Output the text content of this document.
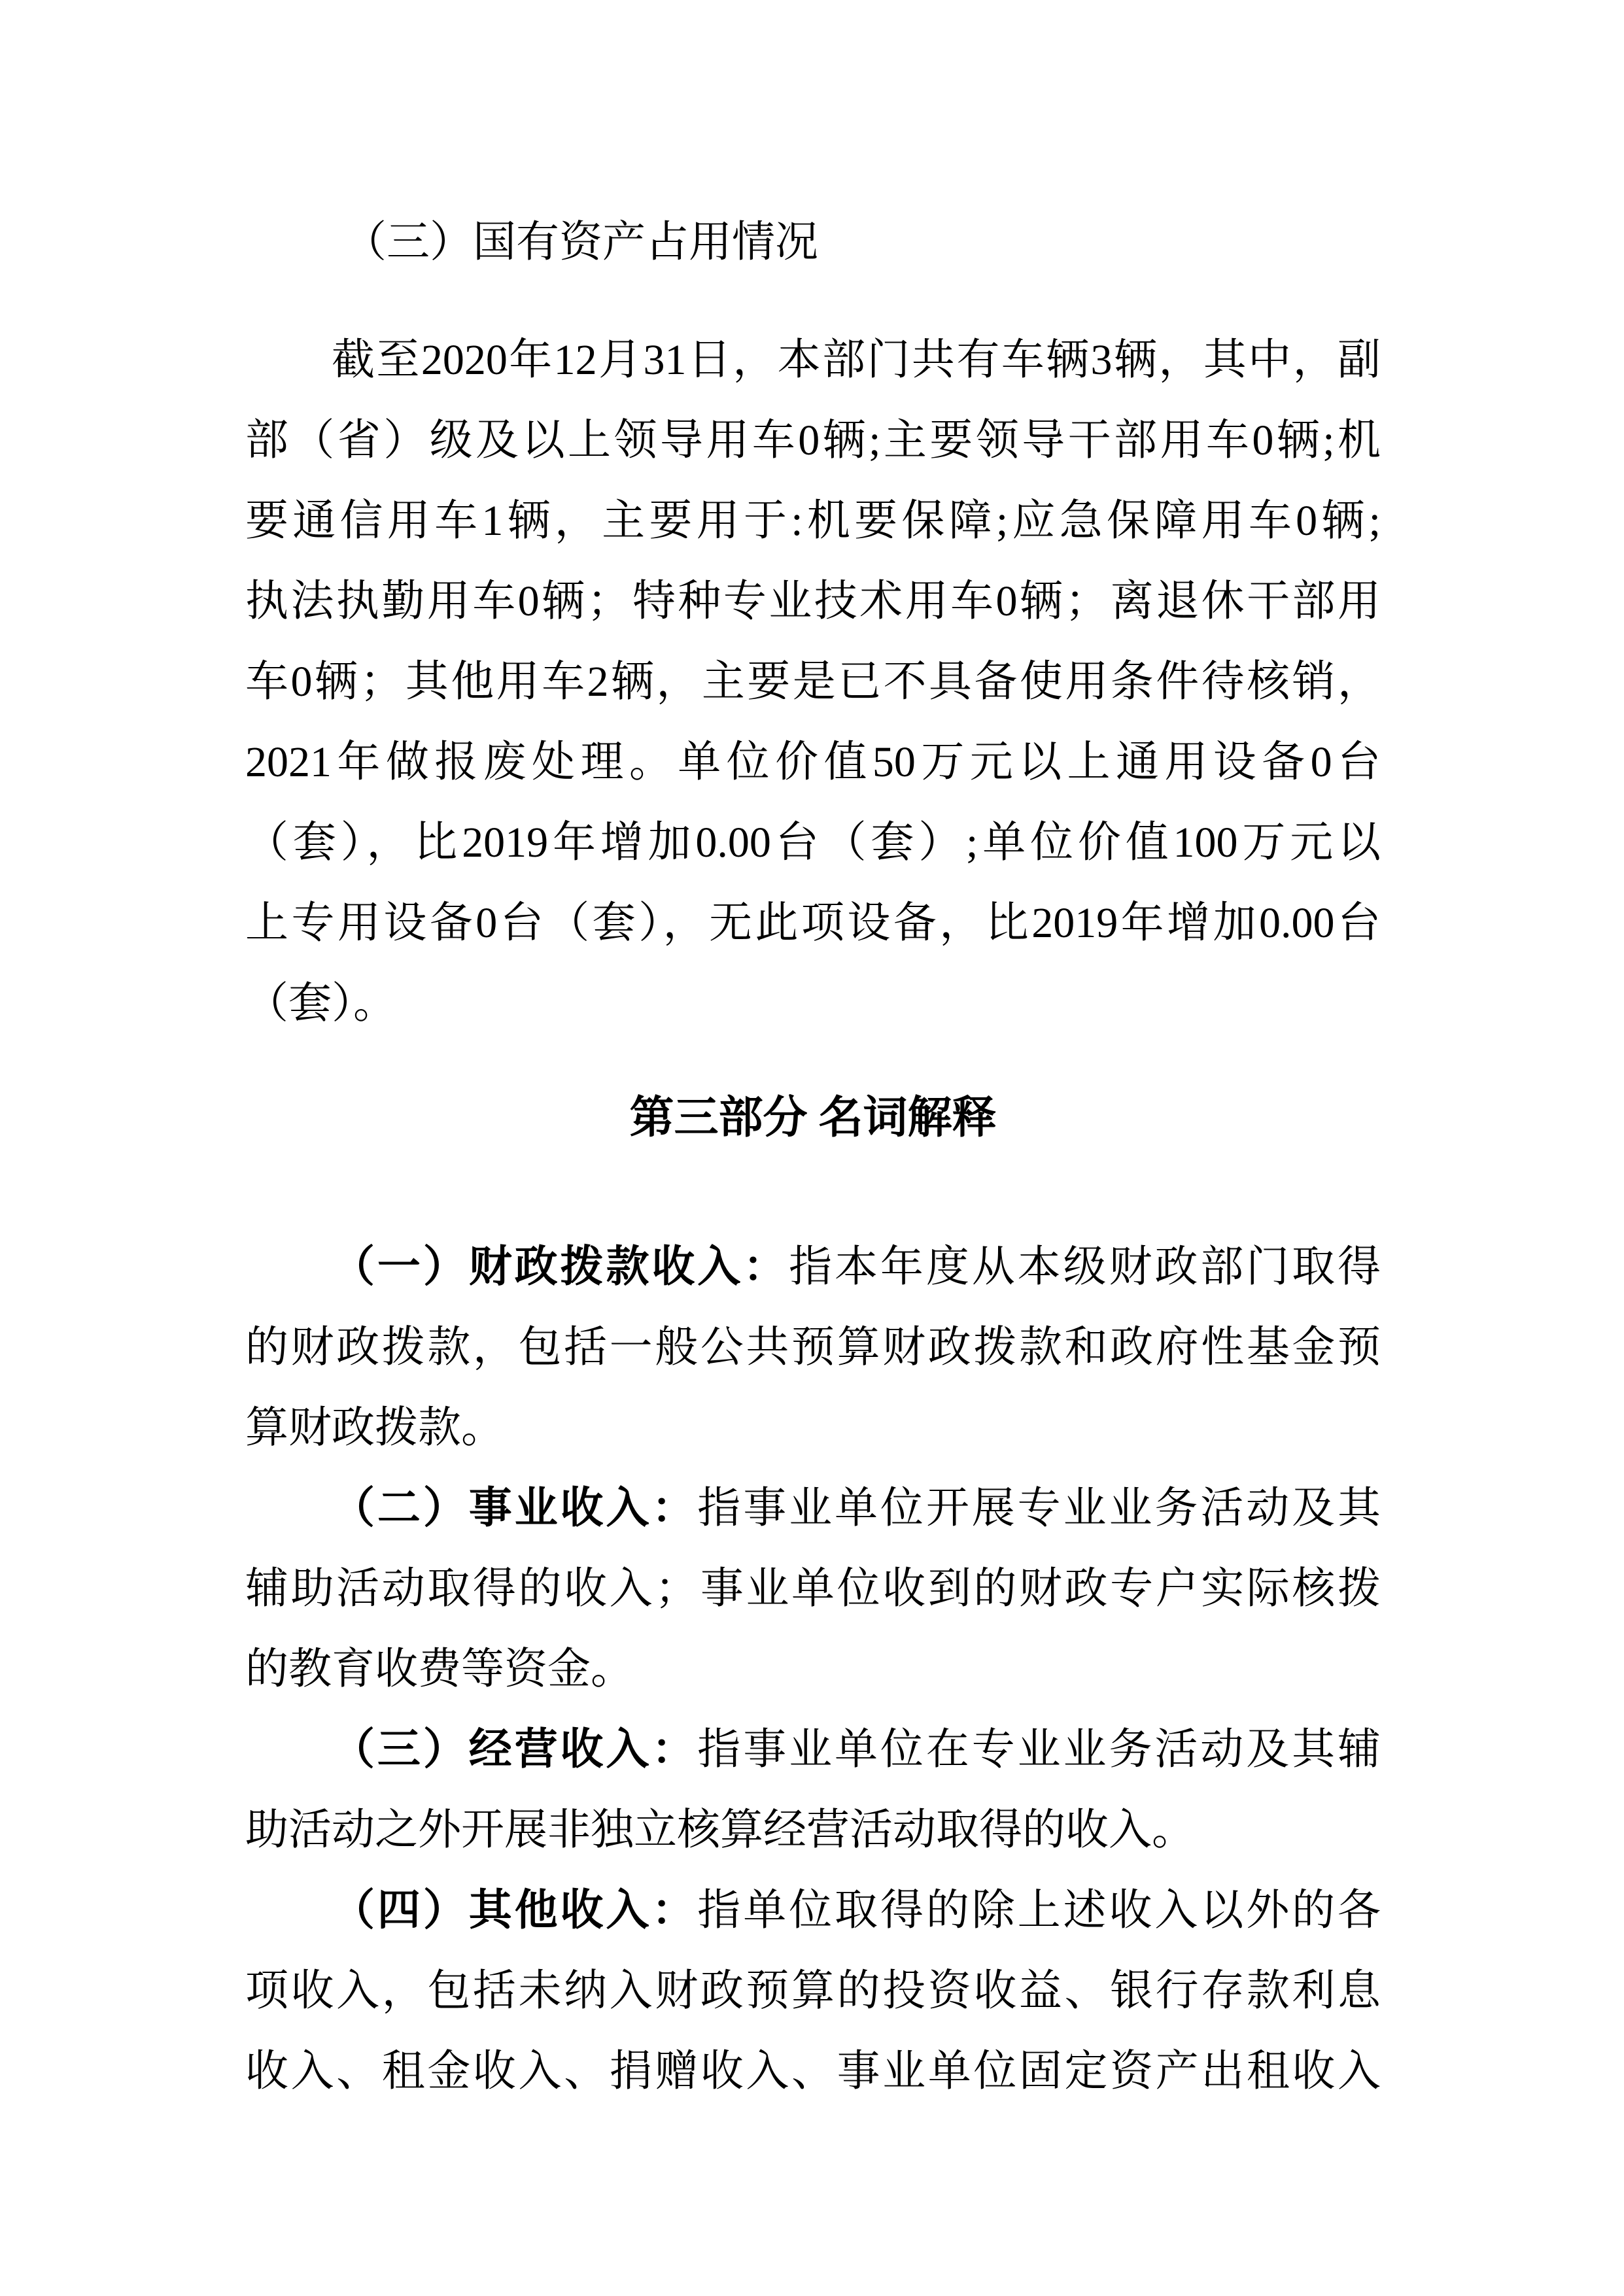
（三）国有资产占用情况
截至2020年12月31日，本部门共有车辆3辆，其中，副
部（省）级及以上领导用车0辆;主要领导干部用车0辆;机
要通信用车1辆，主要用于:机要保障;应急保障用车0辆;
执法执勤用车0辆；特种专业技术用车0辆；离退休干部用
车0辆；其他用车2辆，主要是已不具备使用条件待核销，
2021年做报废处理。单位价值50万元以上通用设备0台
（套），比2019年增加0.00台（套）;单位价值100万元以
上专用设备0台（套），无此项设备，比2019年增加0.00台
（套）。
第三部分 名词解释
（一）财政拨款收入：指本年度从本级财政部门取得
的财政拨款，包括一般公共预算财政拨款和政府性基金预
算财政拨款。
（二）事业收入：指事业单位开展专业业务活动及其
辅助活动取得的收入；事业单位收到的财政专户实际核拨
的教育收费等资金。
（三）经营收入：指事业单位在专业业务活动及其辅
助活动之外开展非独立核算经营活动取得的收入。
（四）其他收入：指单位取得的除上述收入以外的各
项收入，包括未纳入财政预算的投资收益、银行存款利息
收入、租金收入、捐赠收入、事业单位固定资产出租收入
